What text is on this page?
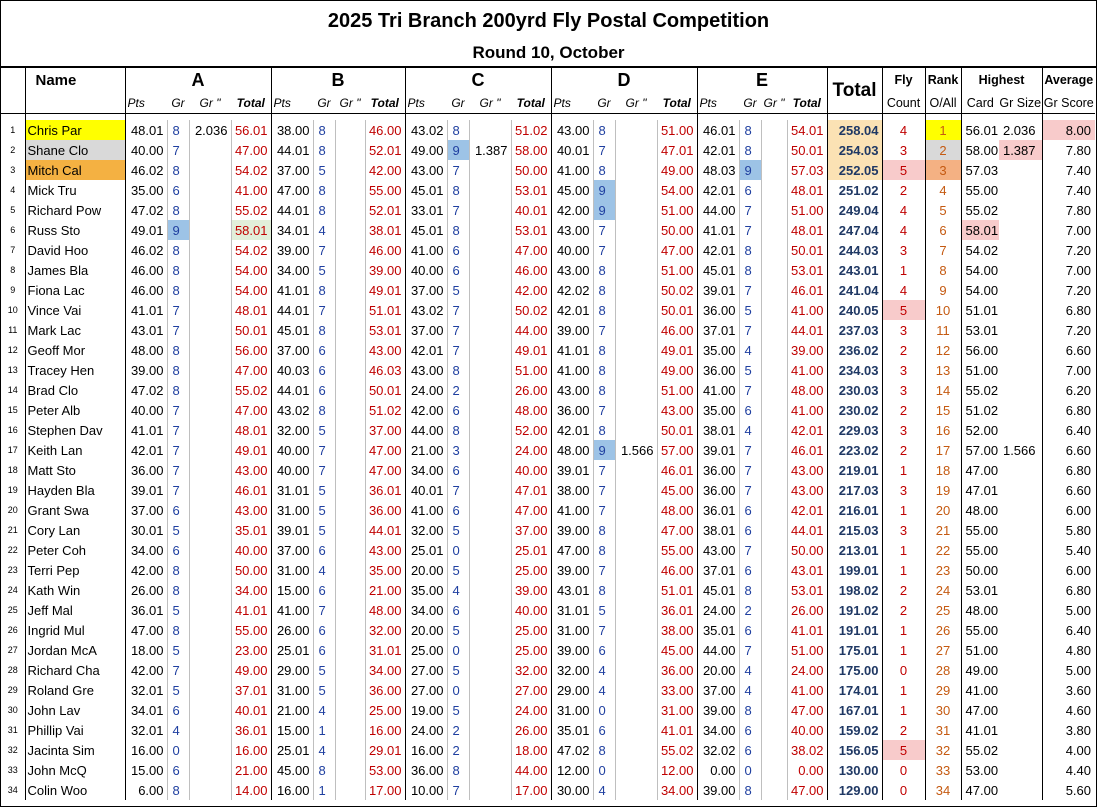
2025 Tri Branch 200yrd Fly Postal Competition
Round 10, October
	Name	A				B				C				D				E				Total	Fly	Rank	Highest		Average
		Pts	Gr	Gr "	Total	Pts	Gr	Gr "	Total	Pts	Gr	Gr "	Total	Pts	Gr	Gr "	Total	Pts	Gr	Gr "	Total		Count	O/All	Card	Gr Size	Gr Score

1	Chris Par	48.01	8	2.036	56.01	38.00	8		46.00	43.02	8		51.02	43.00	8		51.00	46.01	8		54.01	258.04	4	1	56.01	2.036	8.00
2	Shane Clo	40.00	7		47.00	44.01	8		52.01	49.00	9	1.387	58.00	40.01	7		47.01	42.01	8		50.01	254.03	3	2	58.00	1.387	7.80
3	Mitch Cal	46.02	8		54.02	37.00	5		42.00	43.00	7		50.00	41.00	8		49.00	48.03	9		57.03	252.05	5	3	57.03		7.40
4	Mick Tru	35.00	6		41.00	47.00	8		55.00	45.01	8		53.01	45.00	9		54.00	42.01	6		48.01	251.02	2	4	55.00		7.40
5	Richard Pow	47.02	8		55.02	44.01	8		52.01	33.01	7		40.01	42.00	9		51.00	44.00	7		51.00	249.04	4	5	55.02		7.80
6	Russ Sto	49.01	9		58.01	34.01	4		38.01	45.01	8		53.01	43.00	7		50.00	41.01	7		48.01	247.04	4	6	58.01		7.00
7	David Hoo	46.02	8		54.02	39.00	7		46.00	41.00	6		47.00	40.00	7		47.00	42.01	8		50.01	244.03	3	7	54.02		7.20
8	James Bla	46.00	8		54.00	34.00	5		39.00	40.00	6		46.00	43.00	8		51.00	45.01	8		53.01	243.01	1	8	54.00		7.00
9	Fiona Lac	46.00	8		54.00	41.01	8		49.01	37.00	5		42.00	42.02	8		50.02	39.01	7		46.01	241.04	4	9	54.00		7.20
10	Vince Vai	41.01	7		48.01	44.01	7		51.01	43.02	7		50.02	42.01	8		50.01	36.00	5		41.00	240.05	5	10	51.01		6.80
11	Mark Lac	43.01	7		50.01	45.01	8		53.01	37.00	7		44.00	39.00	7		46.00	37.01	7		44.01	237.03	3	11	53.01		7.20
12	Geoff Mor	48.00	8		56.00	37.00	6		43.00	42.01	7		49.01	41.01	8		49.01	35.00	4		39.00	236.02	2	12	56.00		6.60
13	Tracey Hen	39.00	8		47.00	40.03	6		46.03	43.00	8		51.00	41.00	8		49.00	36.00	5		41.00	234.03	3	13	51.00		7.00
14	Brad Clo	47.02	8		55.02	44.01	6		50.01	24.00	2		26.00	43.00	8		51.00	41.00	7		48.00	230.03	3	14	55.02		6.20
15	Peter Alb	40.00	7		47.00	43.02	8		51.02	42.00	6		48.00	36.00	7		43.00	35.00	6		41.00	230.02	2	15	51.02		6.80
16	Stephen Dav	41.01	7		48.01	32.00	5		37.00	44.00	8		52.00	42.01	8		50.01	38.01	4		42.01	229.03	3	16	52.00		6.40
17	Keith Lan	42.01	7		49.01	40.00	7		47.00	21.00	3		24.00	48.00	9	1.566	57.00	39.01	7		46.01	223.02	2	17	57.00	1.566	6.60
18	Matt Sto	36.00	7		43.00	40.00	7		47.00	34.00	6		40.00	39.01	7		46.01	36.00	7		43.00	219.01	1	18	47.00		6.80
19	Hayden Bla	39.01	7		46.01	31.01	5		36.01	40.01	7		47.01	38.00	7		45.00	36.00	7		43.00	217.03	3	19	47.01		6.60
20	Grant Swa	37.00	6		43.00	31.00	5		36.00	41.00	6		47.00	41.00	7		48.00	36.01	6		42.01	216.01	1	20	48.00		6.00
21	Cory Lan	30.01	5		35.01	39.01	5		44.01	32.00	5		37.00	39.00	8		47.00	38.01	6		44.01	215.03	3	21	55.00		5.80
22	Peter Coh	34.00	6		40.00	37.00	6		43.00	25.01	0		25.01	47.00	8		55.00	43.00	7		50.00	213.01	1	22	55.00		5.40
23	Terri Pep	42.00	8		50.00	31.00	4		35.00	20.00	5		25.00	39.00	7		46.00	37.01	6		43.01	199.01	1	23	50.00		6.00
24	Kath Win	26.00	8		34.00	15.00	6		21.00	35.00	4		39.00	43.01	8		51.01	45.01	8		53.01	198.02	2	24	53.01		6.80
25	Jeff Mal	36.01	5		41.01	41.00	7		48.00	34.00	6		40.00	31.01	5		36.01	24.00	2		26.00	191.02	2	25	48.00		5.00
26	Ingrid Mul	47.00	8		55.00	26.00	6		32.00	20.00	5		25.00	31.00	7		38.00	35.01	6		41.01	191.01	1	26	55.00		6.40
27	Jordan McA	18.00	5		23.00	25.01	6		31.01	25.00	0		25.00	39.00	6		45.00	44.00	7		51.00	175.01	1	27	51.00		4.80
28	Richard Cha	42.00	7		49.00	29.00	5		34.00	27.00	5		32.00	32.00	4		36.00	20.00	4		24.00	175.00	0	28	49.00		5.00
29	Roland Gre	32.01	5		37.01	31.00	5		36.00	27.00	0		27.00	29.00	4		33.00	37.00	4		41.00	174.01	1	29	41.00		3.60
30	John Lav	34.01	6		40.01	21.00	4		25.00	19.00	5		24.00	31.00	0		31.00	39.00	8		47.00	167.01	1	30	47.00		4.60
31	Phillip Vai	32.01	4		36.01	15.00	1		16.00	24.00	2		26.00	35.01	6		41.01	34.00	6		40.00	159.02	2	31	41.01		3.80
32	Jacinta Sim	16.00	0		16.00	25.01	4		29.01	16.00	2		18.00	47.02	8		55.02	32.02	6		38.02	156.05	5	32	55.02		4.00
33	John McQ	15.00	6		21.00	45.00	8		53.00	36.00	8		44.00	12.00	0		12.00	0.00	0		0.00	130.00	0	33	53.00		4.40
34	Colin Woo	6.00	8		14.00	16.00	1		17.00	10.00	7		17.00	30.00	4		34.00	39.00	8		47.00	129.00	0	34	47.00		5.60
